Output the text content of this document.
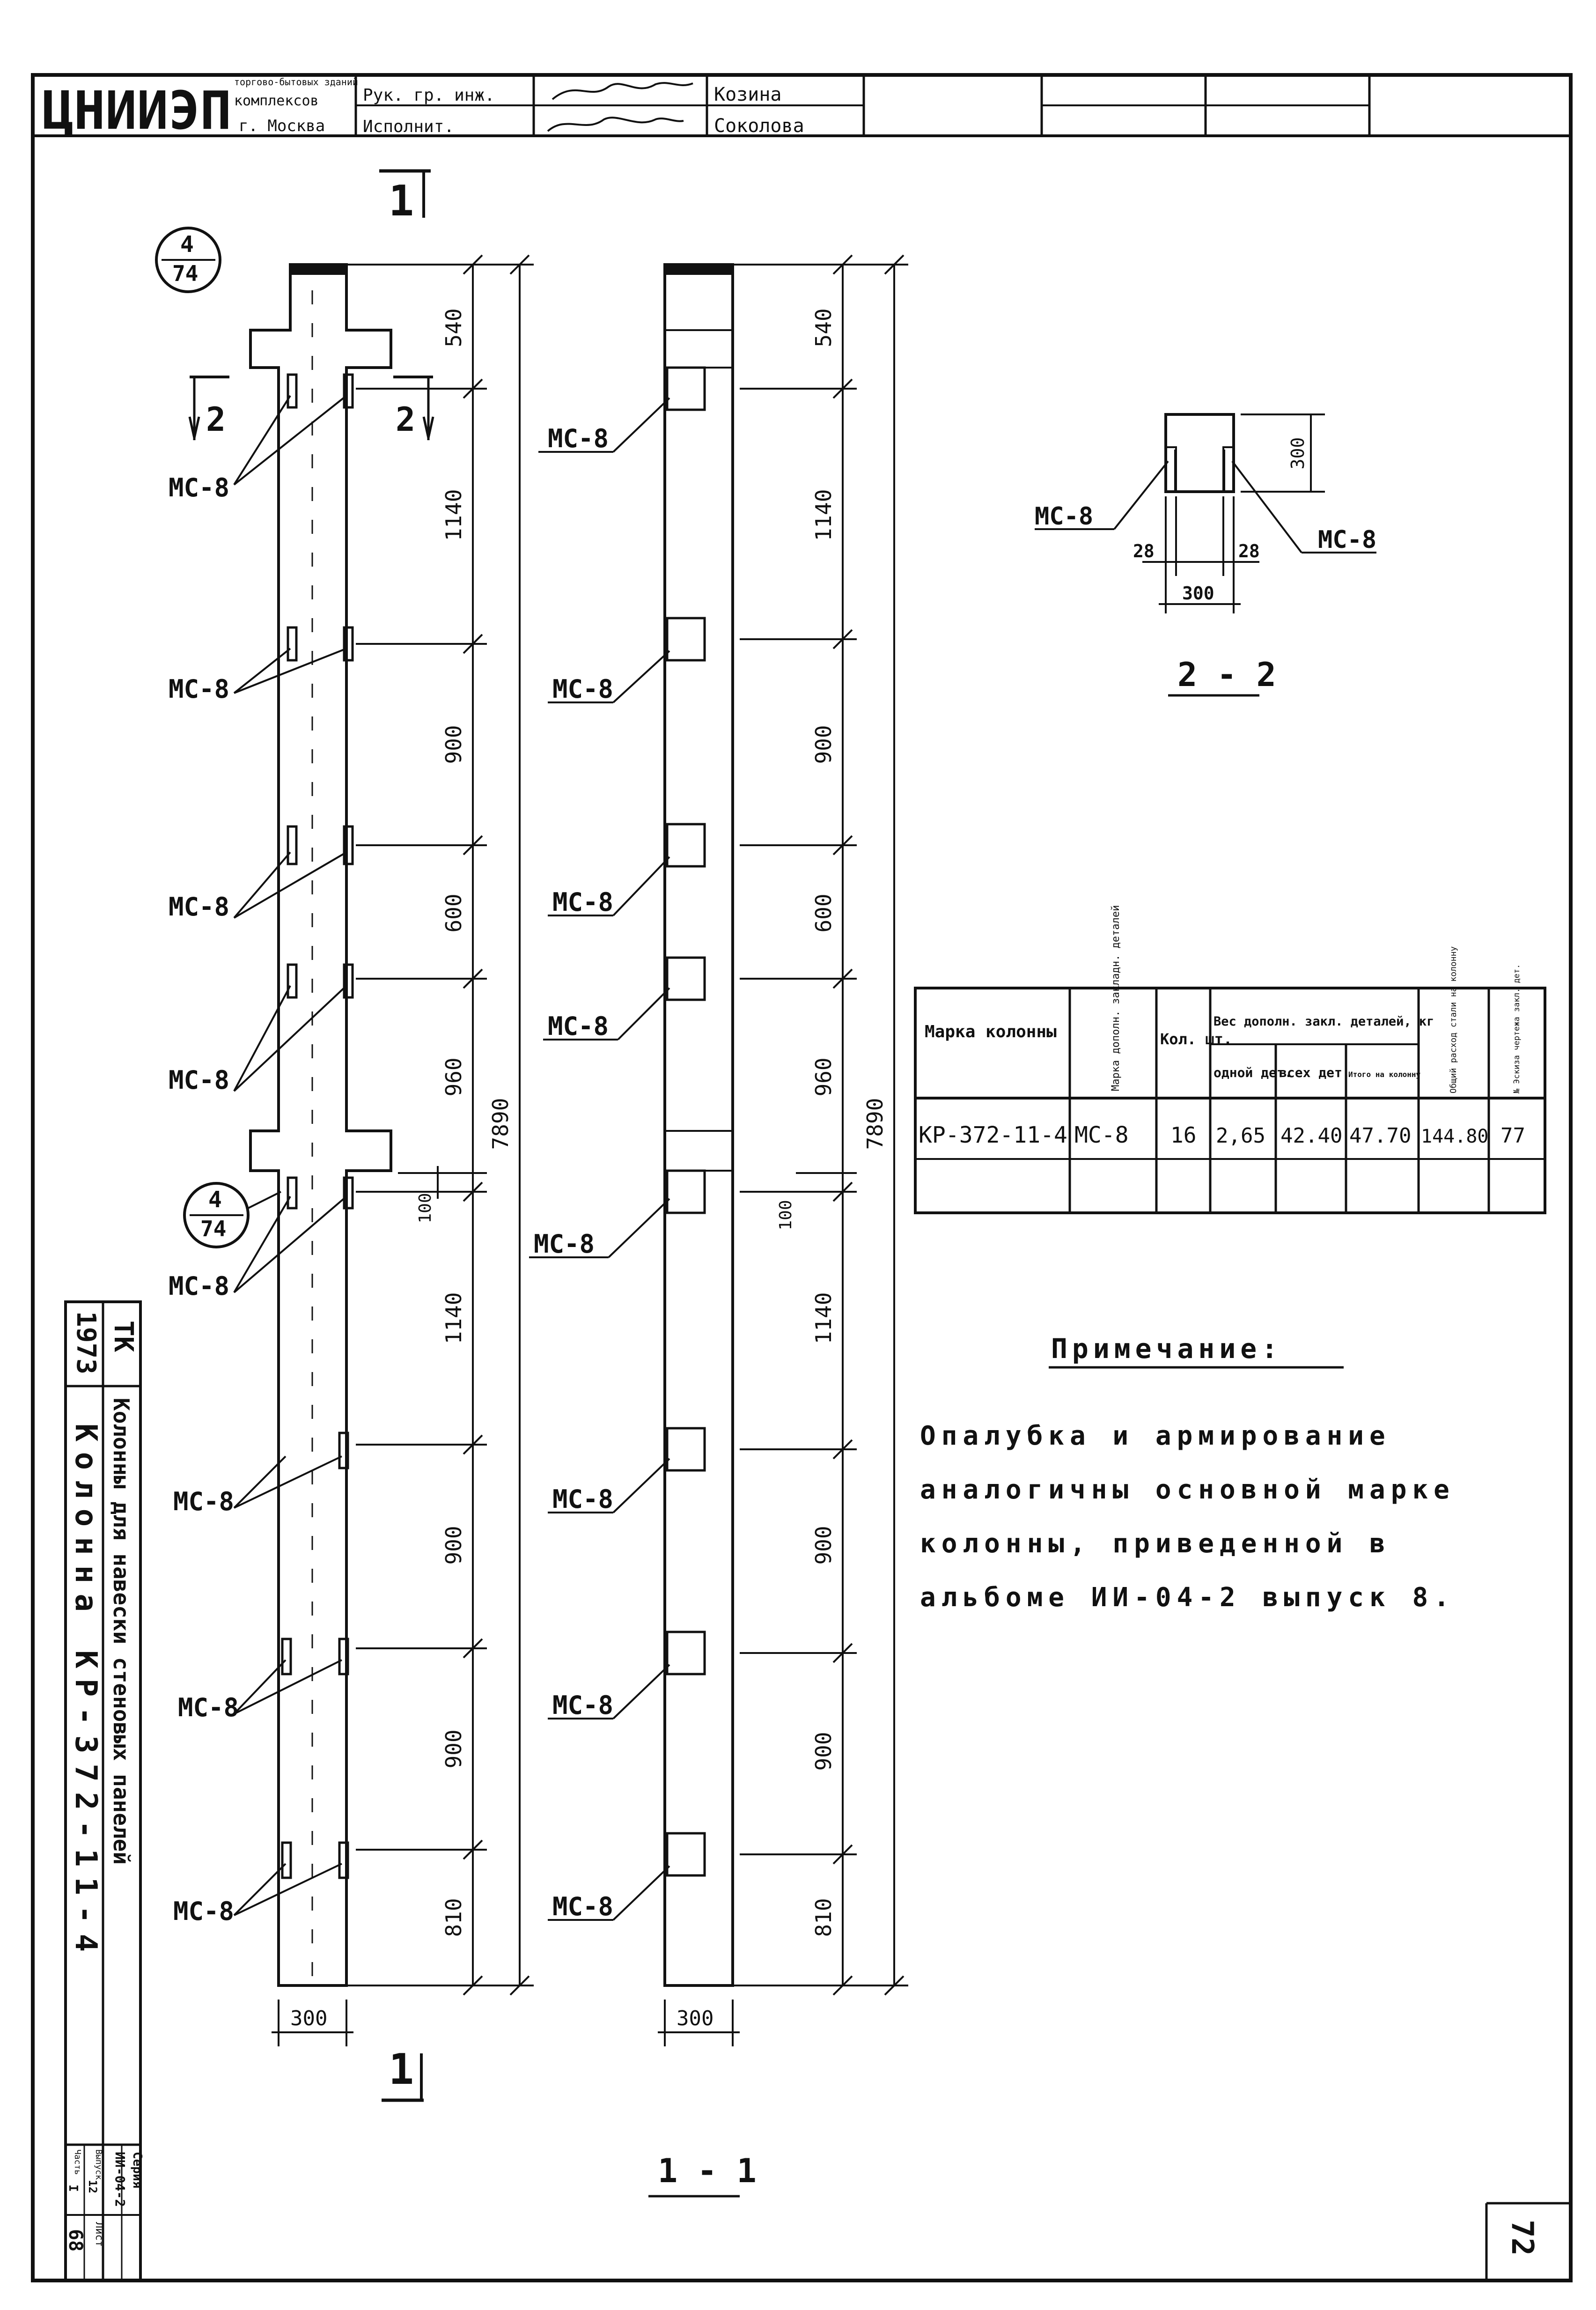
ЦНИИЭП торгово-бытовых зданий
комплексов
г. Москва
Рук. гр. инж.
Исполнит.
Козина
Соколова
МС-8
МС-8
МС-8
МС-8
МС-8
МС-8
МС-8
МС-8
2	2
1
1
4
74
4
74
540
1140
900
600
960
100
1140
900
900
810
7890
300
МС-8
МС-8
МС-8
МС-8
МС-8
МС-8
МС-8
МС-8
540
1140
900
600
960
100
1140
900
900
810
7890
300
1 - 1
300
28	28
300
МС-8
МС-8
2 - 2
Марка колонны	Марка дополн. закладн. деталей	Кол. шт.
Вес дополн. закл. деталей, кг
одной дет.
всех дет.
Итого на колонну	Общий расход стали на колонну	№ Эскиза чертежа закл. дет.
КР-372-11-4 МС-8 16 2,65 42.40 47.70 144.80 77
Примечание:
Опалубка и армирование
аналогичны основной марке
колонны, приведенной в
альбоме ИИ-04-2 выпуск 8.
1973 ТК
Колонны для навески стеновых панелей
Колонна КР-372-11-4
Серия
ИИ-04-2
Выпуск
12
Часть
I
Лист
68	72
